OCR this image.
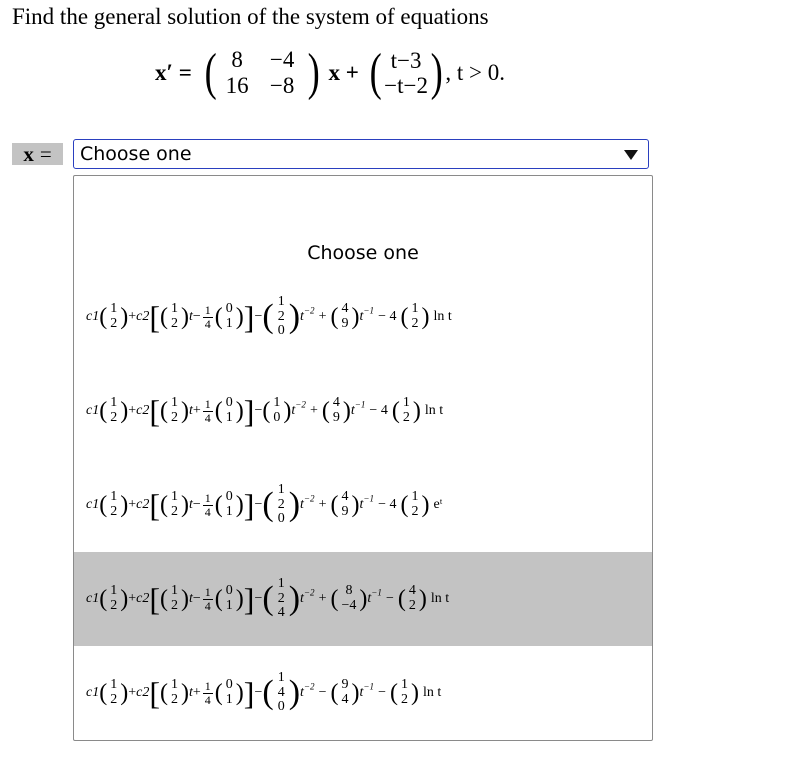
Find the general solution of the system of equations
x′ = ( 8	−4
16 −8 ) x + ( t−3
−t−2 ) , t > 0.
x = Choose one
Choose one
c1 ( 1
2 ) + c2 [ ( 1
2 ) $t - \frac{1}{4}$ ( 0
1 ) ] − ( 1
2
0 ) $t^{-2}$ + ( 4
9 ) $t^{-1} - 4$ ( 1
2 ) ln t
c1 ( 1
2 ) + c2 [ ( 1
2 ) $t + \frac{1}{4}$ ( 0
1 ) ] − ( 1
0 ) $t^{-2}$ + ( 4
9 ) $t^{-1} - 4$ ( 1
2 ) ln t
c1 ( 1
2 ) + c2 [ ( 1
2 ) $t - \frac{1}{4}$ ( 0
1 ) ] − ( 1
2
0 ) $t^{-2}$ + ( 4
9 ) $t^{-1} - 4$ ( 1
2 ) eᵗ
c1 ( 1
2 ) + c2 [ ( 1
2 ) $t - \frac{1}{4}$ ( 0
1 ) ] − ( 1
2
4 ) $t^{-2}$ + ( 8
−4 ) $t^{-1}$ − ( 4
2 ) ln t
c1 ( 1
2 ) + c2 [ ( 1
2 ) $t + \frac{1}{4}$ ( 0
1 ) ] − ( 1
4
0 ) $t^{-2}$ − ( 9
4 ) $t^{-1}$ − ( 1
2 ) ln t
